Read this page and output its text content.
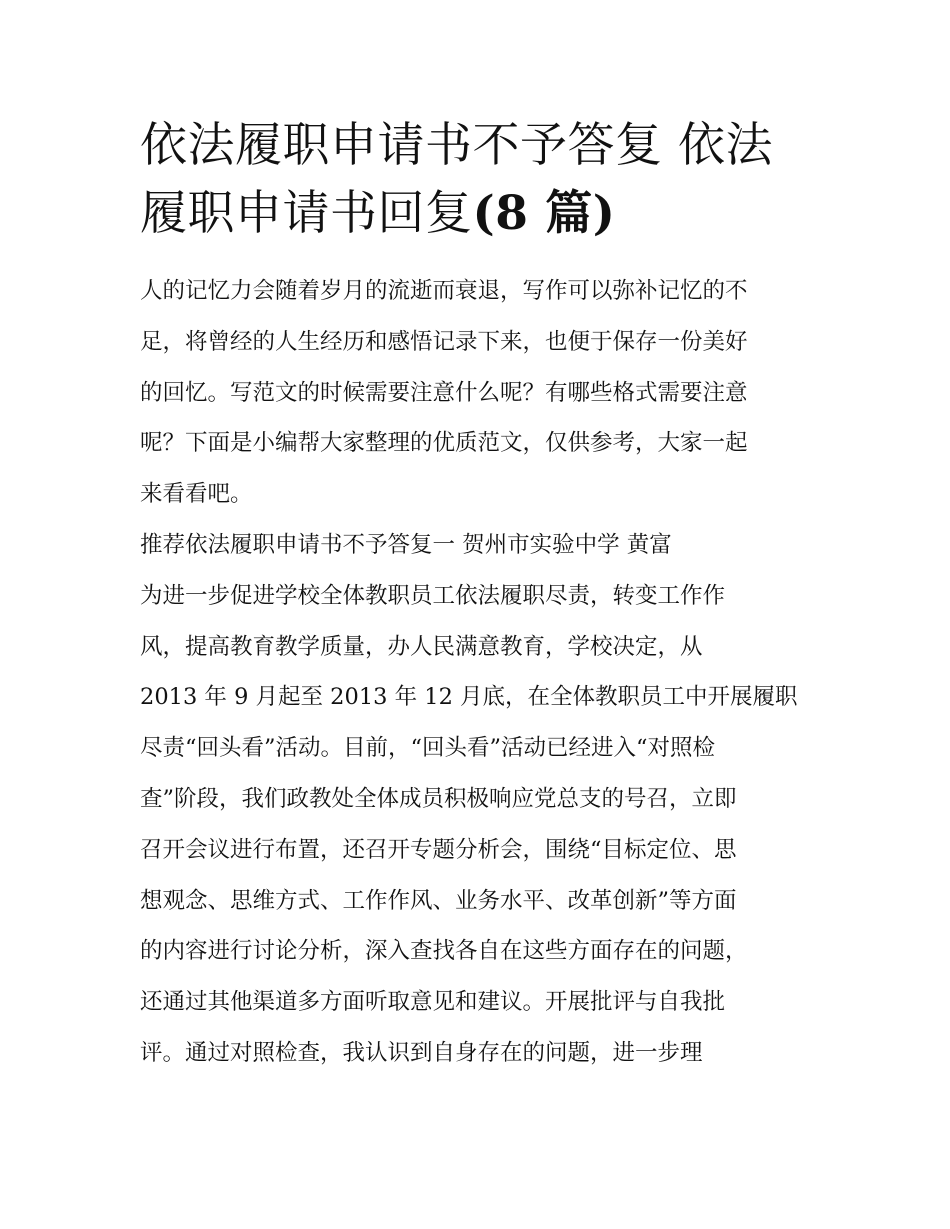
依法履职申请书不予答复 依法
履职申请书回复(8 篇)
人的记忆力会随着岁月的流逝而衰退，写作可以弥补记忆的不
足，将曾经的人生经历和感悟记录下来，也便于保存一份美好
的回忆。写范文的时候需要注意什么呢？有哪些格式需要注意
呢？下面是小编帮大家整理的优质范文，仅供参考，大家一起
来看看吧。
推荐依法履职申请书不予答复一 贺州市实验中学 黄富
为进一步促进学校全体教职员工依法履职尽责，转变工作作
风，提高教育教学质量，办人民满意教育，学校决定，从
2013 年 9 月起至 2013 年 12 月底，在全体教职员工中开展履职
尽责“回头看”活动。目前，“回头看”活动已经进入“对照检
查”阶段，我们政教处全体成员积极响应党总支的号召，立即
召开会议进行布置，还召开专题分析会，围绕“目标定位、思
想观念、思维方式、工作作风、业务水平、改革创新”等方面
的内容进行讨论分析，深入查找各自在这些方面存在的问题，
还通过其他渠道多方面听取意见和建议。开展批评与自我批
评。通过对照检查，我认识到自身存在的问题，进一步理
